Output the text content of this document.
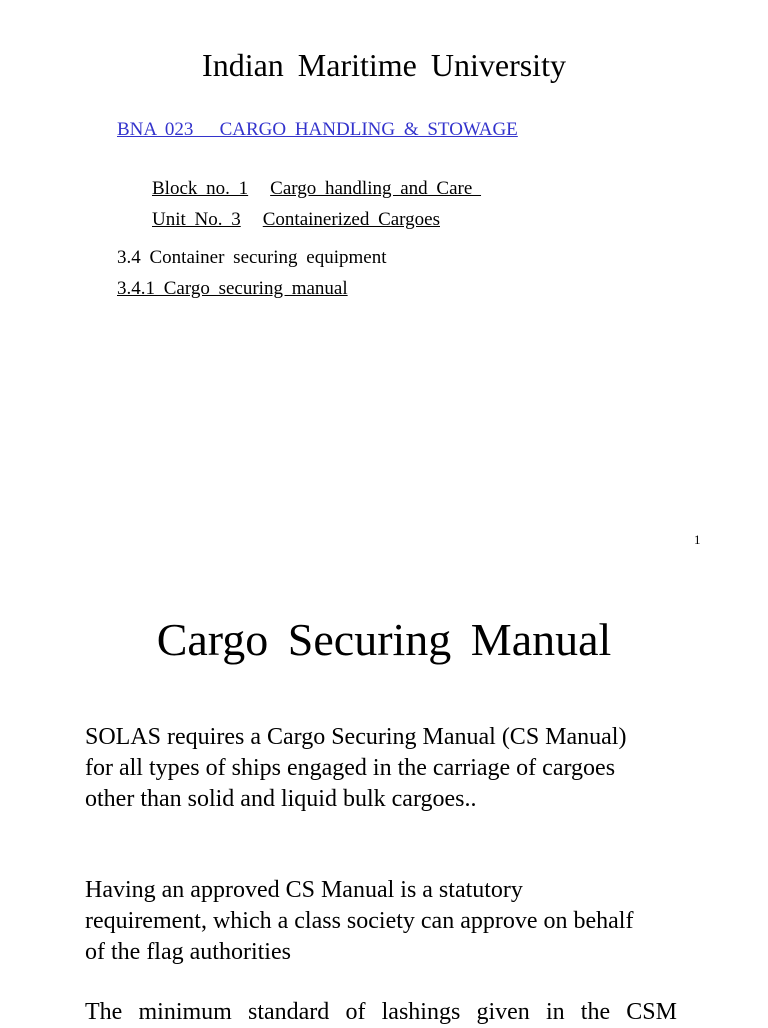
Indian Maritime University
BNA 023   CARGO HANDLING & STOWAGE

Block no. 1 Cargo handling and Care

Unit No. 3 Containerized Cargoes

3.4 Container securing equipment
3.4.1 Cargo securing manual
1
Cargo Securing Manual
SOLAS requires a Cargo Securing Manual (CS Manual)
for all types of ships engaged in the carriage of cargoes
other than solid and liquid bulk cargoes..
Having an approved CS Manual is a statutory
requirement, which a class society can approve on behalf
of the flag authorities
The minimum standard of lashings given in the CSM
